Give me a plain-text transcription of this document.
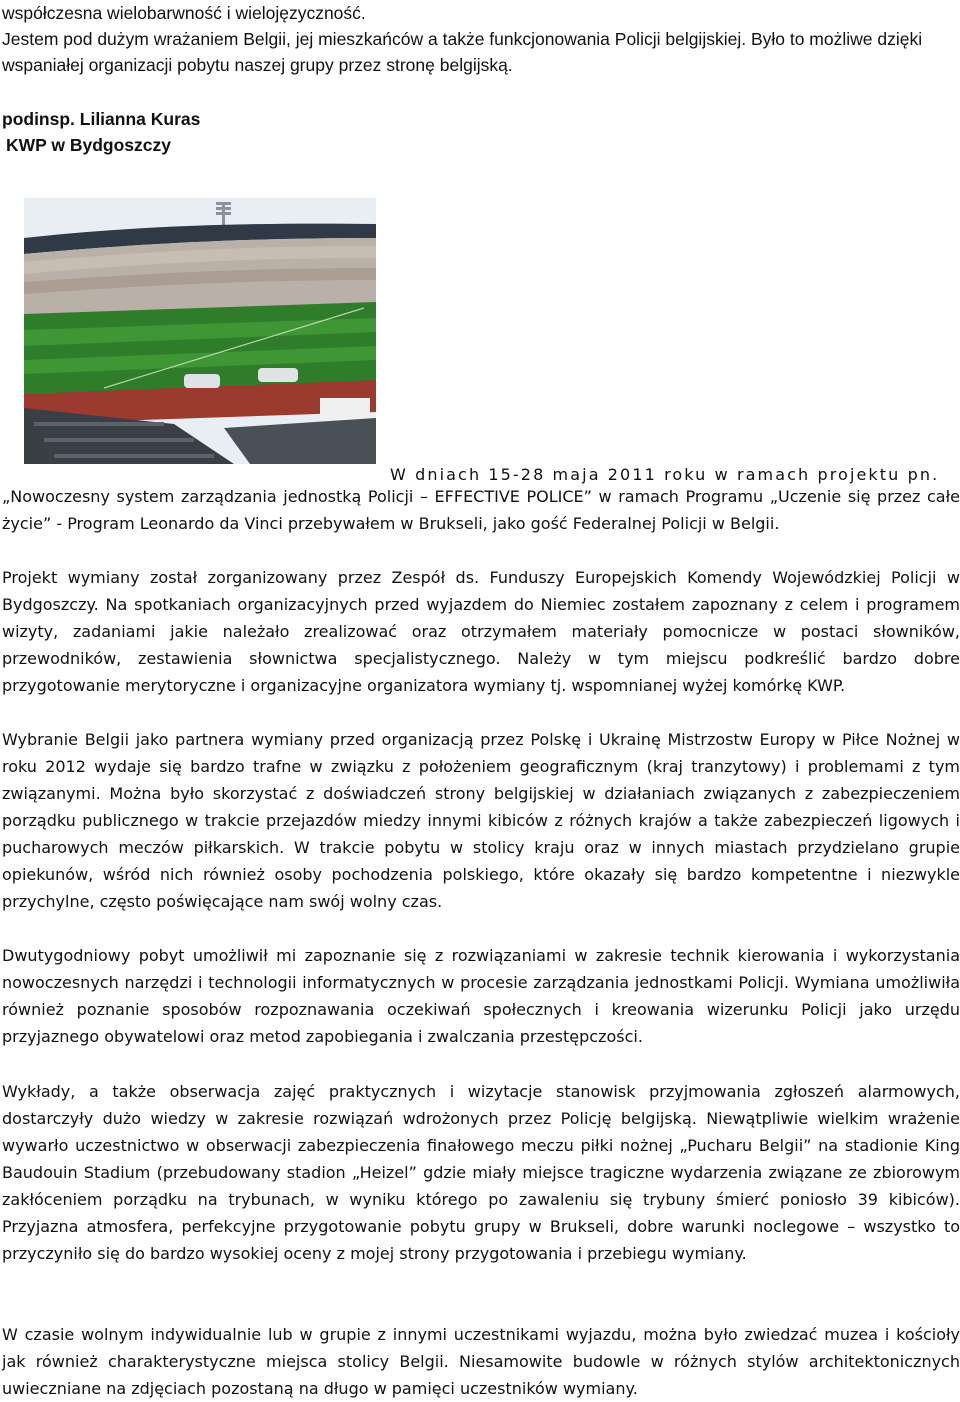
współczesna wielobarwność i wielojęzyczność.

Jestem pod dużym wrażaniem Belgii, jej mieszkańców a także funkcjonowania Policji belgijskiej. Było to możliwe dzięki wspaniałej organizacji pobytu naszej grupy przez stronę belgijską.

podinsp. Lilianna Kuras

KWP w Bydgoszczy

W dniach 15-28 maja 2011 roku w ramach projektu pn.

„Nowoczesny system zarządzania jednostką Policji – EFFECTIVE POLICE” w ramach Programu „Uczenie się przez całe życie” - Program Leonardo da Vinci przebywałem w Brukseli, jako gość Federalnej Policji w Belgii.

Projekt wymiany został zorganizowany przez Zespół ds. Funduszy Europejskich Komendy Wojewódzkiej Policji w Bydgoszczy. Na spotkaniach organizacyjnych przed wyjazdem do Niemiec zostałem zapoznany z celem i programem wizyty, zadaniami jakie należało zrealizować oraz otrzymałem materiały pomocnicze w postaci słowników, przewodników, zestawienia słownictwa specjalistycznego. Należy w tym miejscu podkreślić bardzo dobre przygotowanie merytoryczne i organizacyjne organizatora wymiany tj. wspomnianej wyżej komórkę KWP.

Wybranie Belgii jako partnera wymiany przed organizacją przez Polskę i Ukrainę Mistrzostw Europy w Piłce Nożnej w roku 2012 wydaje się bardzo trafne w związku z położeniem geograficznym (kraj tranzytowy) i problemami z tym związanymi. Można było skorzystać z doświadczeń strony belgijskiej w działaniach związanych z zabezpieczeniem porządku publicznego w trakcie przejazdów miedzy innymi kibiców z różnych krajów a także zabezpieczeń ligowych i pucharowych meczów piłkarskich. W trakcie pobytu w stolicy kraju oraz w innych miastach przydzielano grupie opiekunów, wśród nich również osoby pochodzenia polskiego, które okazały się bardzo kompetentne i niezwykle przychylne, często poświęcające nam swój wolny czas.

Dwutygodniowy pobyt umożliwił mi zapoznanie się z rozwiązaniami w zakresie technik kierowania i wykorzystania nowoczesnych narzędzi i technologii informatycznych w procesie zarządzania jednostkami Policji. Wymiana umożliwiła również poznanie sposobów rozpoznawania oczekiwań społecznych i kreowania wizerunku Policji jako urzędu przyjaznego obywatelowi oraz metod zapobiegania i zwalczania przestępczości.

Wykłady, a także obserwacja zajęć praktycznych i wizytacje stanowisk przyjmowania zgłoszeń alarmowych, dostarczyły dużo wiedzy w zakresie rozwiązań wdrożonych przez Policję belgijską. Niewątpliwie wielkim wrażenie wywarło uczestnictwo w obserwacji zabezpieczenia finałowego meczu piłki nożnej „Pucharu Belgii” na stadionie King Baudouin Stadium (przebudowany stadion „Heizel” gdzie miały miejsce tragiczne wydarzenia związane ze zbiorowym zakłóceniem porządku na trybunach, w wyniku którego po zawaleniu się trybuny śmierć poniosło 39 kibiców). Przyjazna atmosfera, perfekcyjne przygotowanie pobytu grupy w Brukseli, dobre warunki noclegowe – wszystko to przyczyniło się do bardzo wysokiej oceny z mojej strony przygotowania i przebiegu wymiany.

W czasie wolnym indywidualnie lub w grupie z innymi uczestnikami wyjazdu, można było zwiedzać muzea i kościoły jak również charakterystyczne miejsca stolicy Belgii. Niesamowite budowle w różnych stylów architektonicznych uwieczniane na zdjęciach pozostaną na długo w pamięci uczestników wymiany.
